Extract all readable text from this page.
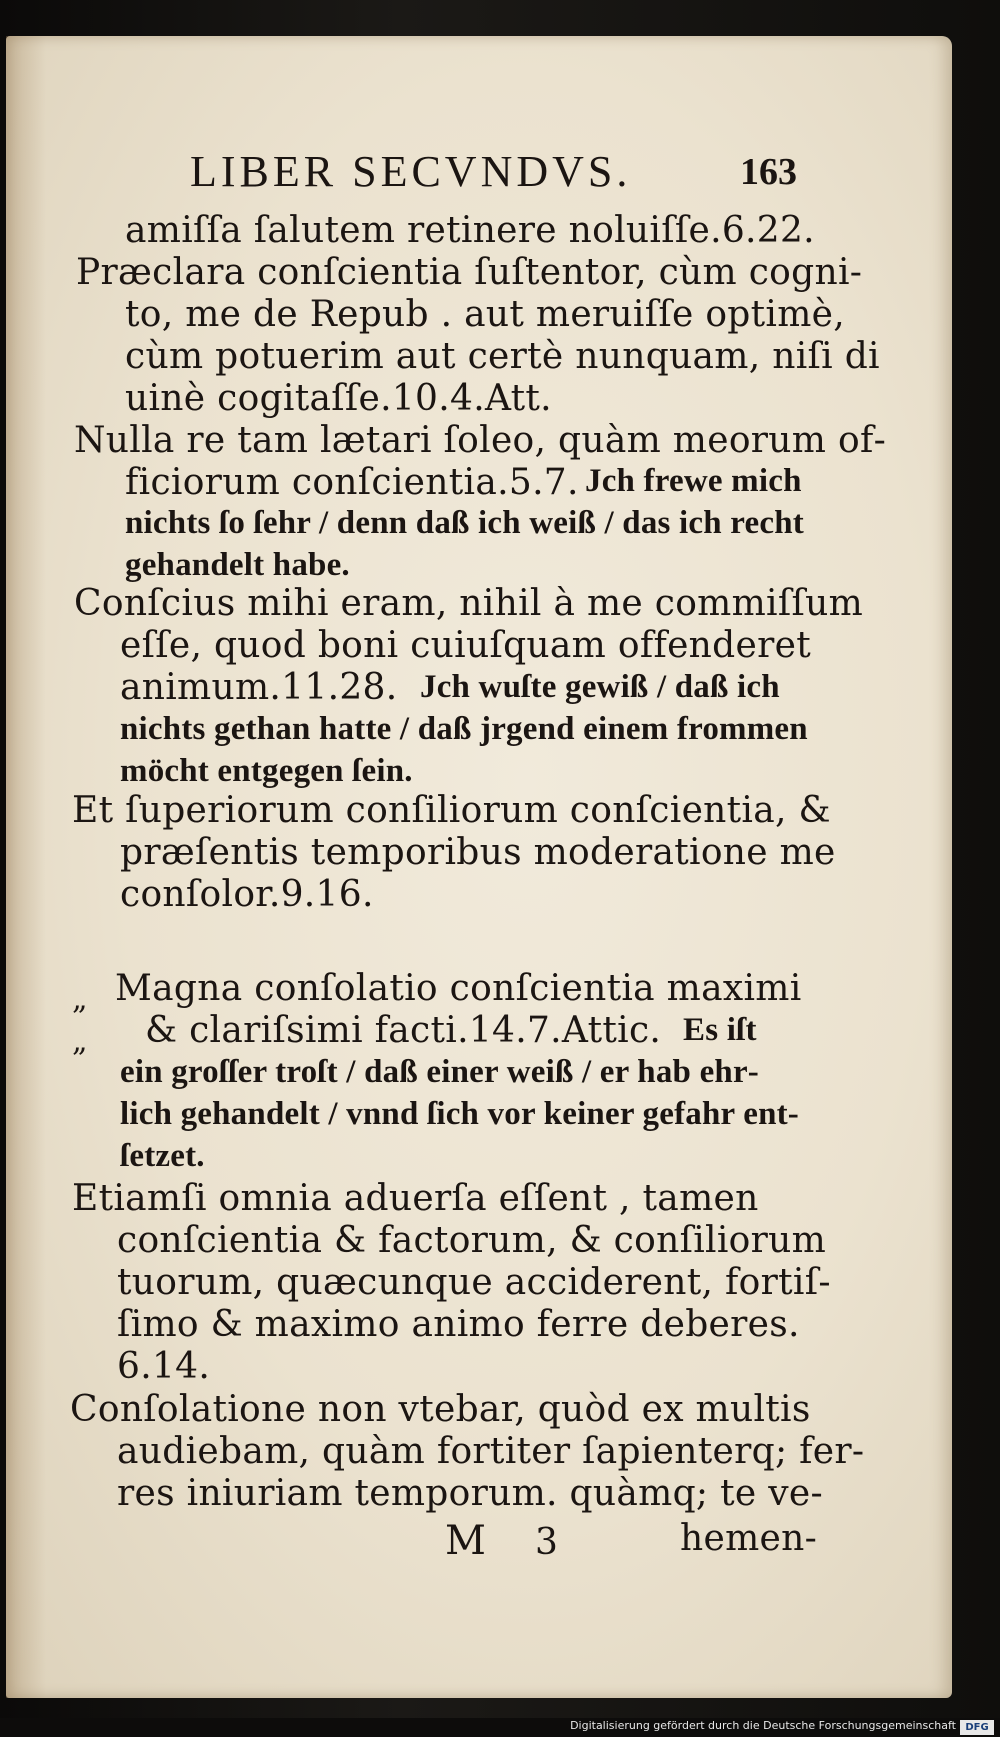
LIBER SECVNDVS.	163
amiſſa ſalutem retinere noluiſſe.6.22.
Præclara conſcientia ſuſtentor, cùm cogni‐
to, me de Repub . aut meruiſſe optimè,
cùm potuerim aut certè nunquam, niſi di
uinè cogitaſſe.10.4.Att.
Nulla re tam lætari ſoleo, quàm meorum of‐
ficiorum conſcientia.5.7. Jch frewe mich
nichts ſo ſehr / denn daß ich weiß / das ich recht
gehandelt habe.
Conſcius mihi eram, nihil à me commiſſum
eſſe, quod boni cuiuſquam offenderet
animum.11.28. Jch wuſte gewiß / daß ich
nichts gethan hatte / daß jrgend einem frommen
möcht entgegen ſein.
Et ſuperiorum conſiliorum conſcientia, &
præſentis temporibus moderatione me
conſolor.9.16.
„ Magna conſolatio conſcientia maximi
„ & clariſsimi facti.14.7.Attic. Es iſt
ein groſſer troſt / daß einer weiß / er hab ehr‐
lich gehandelt / vnnd ſich vor keiner gefahr ent‐
ſetzet.
Etiamſi omnia aduerſa eſſent , tamen
conſcientia & factorum, & conſiliorum
tuorum, quæcunque acciderent, fortiſ‐
ſimo & maximo animo ferre deberes.
6.14.
Conſolatione non vtebar, quòd ex multis
audiebam, quàm fortiter ſapienterq; fer‐
res iniuriam temporum. quàmq; te ve‐
M 3	hemen‐
Digitalisierung gefördert durch die Deutsche Forschungsgemeinschaft DFG
